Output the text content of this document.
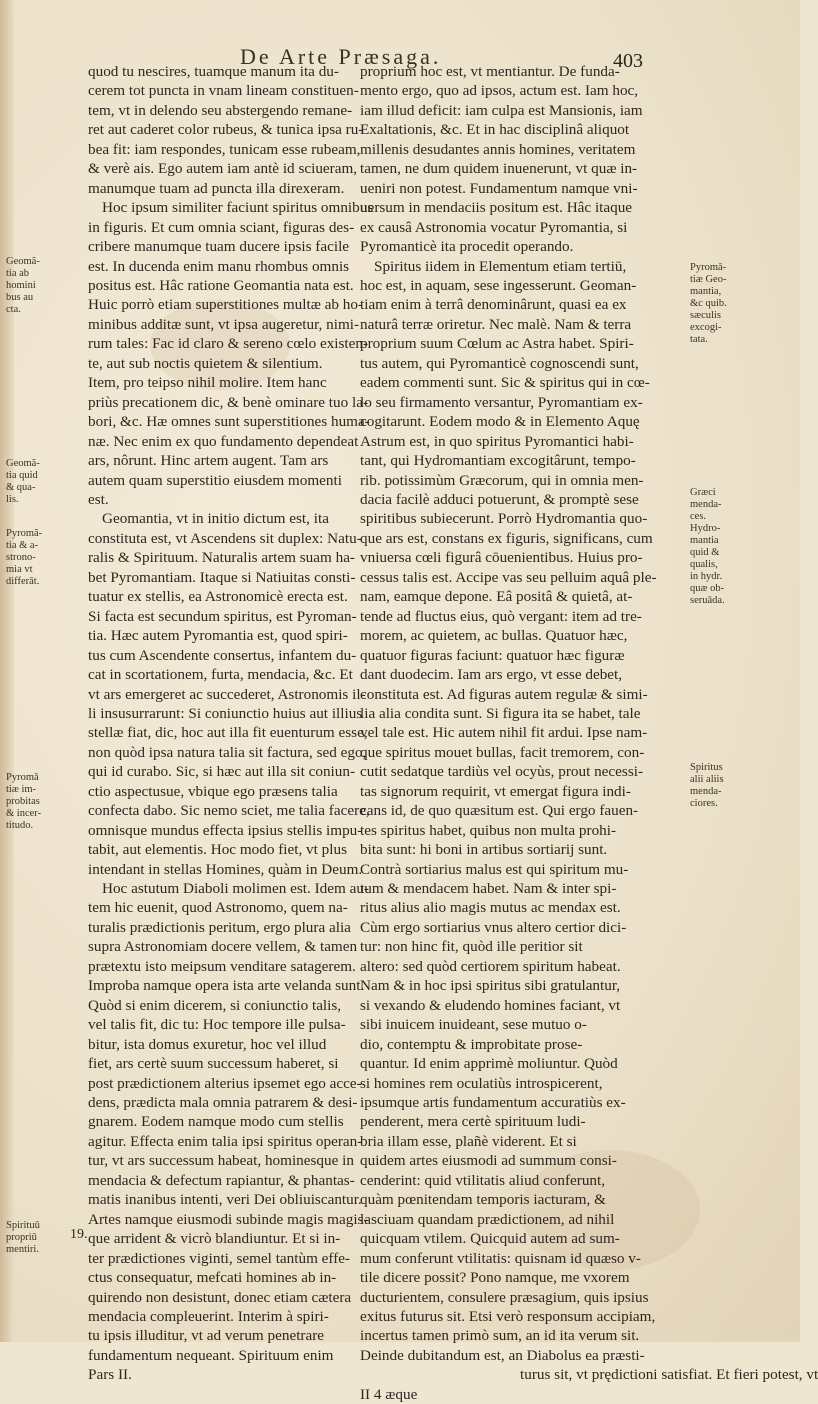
De Arte Præsaga.	403
quod tu nescires, tuamque manum ita du-
cerem tot puncta in vnam lineam constituen-
tem, vt in delendo seu abstergendo remane-
ret aut caderet color rubeus, & tunica ipsa ru-
bea fit: iam respondes, tunicam esse rubeam,
& verè ais. Ego autem iam antè id sciueram,
manumque tuam ad puncta illa direxeram.
Hoc ipsum similiter faciunt spiritus omnibus
in figuris. Et cum omnia sciant, figuras des-
cribere manumque tuam ducere ipsis facile
est. In ducenda enim manu rhombus omnis
positus est. Hâc ratione Geomantia nata est.
Huic porrò etiam superstitiones multæ ab ho-
minibus additæ sunt, vt ipsa augeretur, nimi-
rum tales: Fac id claro & sereno cœlo existen-
te, aut sub noctis quietem & silentium.
Item, pro teipso nihil molire. Item hanc
priùs precationem dic, & benè ominare tuo la-
bori, &c. Hæ omnes sunt superstitiones huma-
næ. Nec enim ex quo fundamento dependeat
ars, nôrunt. Hinc artem augent. Tam ars
autem quam superstitio eiusdem momenti
est.
Geomantia, vt in initio dictum est, ita
constituta est, vt Ascendens sit duplex: Natu-
ralis & Spirituum. Naturalis artem suam ha-
bet Pyromantiam. Itaque si Natiuitas consti-
tuatur ex stellis, ea Astronomicè erecta est.
Si facta est secundum spiritus, est Pyroman-
tia. Hæc autem Pyromantia est, quod spiri-
tus cum Ascendente consertus, infantem du-
cat in scortationem, furta, mendacia, &c. Et
vt ars emergeret ac succederet, Astronomis il-
li insusurrarunt: Si coniunctio huius aut illius
stellæ fiat, dic, hoc aut illa fit euenturum esse,
non quòd ipsa natura talia sit factura, sed ego,
qui id curabo. Sic, si hæc aut illa sit coniun-
ctio aspectusue, vbique ego præsens talia
confecta dabo. Sic nemo sciet, me talia facere,
omnisque mundus effecta ipsius stellis impu-
tabit, aut elementis. Hoc modo fiet, vt plus
intendant in stellas Homines, quàm in Deum.
Hoc astutum Diaboli molimen est. Idem au-
tem hic euenit, quod Astronomo, quem na-
turalis prædictionis peritum, ergo plura alia
supra Astronomiam docere vellem, & tamen
prætextu isto meipsum venditare satagerem.
Improba namque opera ista arte velanda sunt.
Quòd si enim dicerem, si coniunctio talis,
vel talis fit, dic tu: Hoc tempore ille pulsa-
bitur, ista domus exuretur, hoc vel illud
fiet, ars certè suum successum haberet, si
post prædictionem alterius ipsemet ego acce-
dens, prædicta mala omnia patrarem & desi-
gnarem. Eodem namque modo cum stellis
agitur. Effecta enim talia ipsi spiritus operan-
tur, vt ars successum habeat, hominesque in
mendacia & defectum rapiantur, & phantas-
matis inanibus intenti, veri Dei obliuiscantur.
Artes namque eiusmodi subinde magis magis-
que arrident & vicrò blandiuntur. Et si in-
ter prædictiones viginti, semel tantùm effe-
ctus consequatur, mefcati homines ab in-
quirendo non desistunt, donec etiam cætera
mendacia compleuerint. Interim à spiri-
tu ipsis illuditur, vt ad verum penetrare
fundamentum nequeant. Spirituum enim
Pars II.
proprium hoc est, vt mentiantur. De funda-
mento ergo, quo ad ipsos, actum est. Iam hoc,
iam illud deficit: iam culpa est Mansionis, iam
Exaltationis, &c. Et in hac disciplinâ aliquot
millenis desudantes annis homines, veritatem
tamen, ne dum quidem inuenerunt, vt quæ in-
ueniri non potest. Fundamentum namque vni-
uersum in mendaciis positum est. Hâc itaque
ex causâ Astronomia vocatur Pyromantia, si
Pyromanticè ita procedit operando.
Spiritus iidem in Elementum etiam tertiū,
hoc est, in aquam, sese ingesserunt. Geoman-
tiam enim à terrâ denominârunt, quasi ea ex
naturâ terræ oriretur. Nec malè. Nam & terra
proprium suum Cœlum ac Astra habet. Spiri-
tus autem, qui Pyromanticè cognoscendi sunt,
eadem commenti sunt. Sic & spiritus qui in cœ-
lo seu firmamento versantur, Pyromantiam ex-
cogitarunt. Eodem modo & in Elemento Aquę
Astrum est, in quo spiritus Pyromantici habi-
tant, qui Hydromantiam excogitârunt, tempo-
rib. potissimùm Græcorum, qui in omnia men-
dacia facilè adduci potuerunt, & promptè sese
spiritibus subiecerunt. Porrò Hydromantia quo-
que ars est, constans ex figuris, significans, cum
vniuersa cœli figurâ cōuenientibus. Huius pro-
cessus talis est. Accipe vas seu pelluim aquâ ple-
nam, eamque depone. Eâ positâ & quietâ, at-
tende ad fluctus eius, quò vergant: item ad tre-
morem, ac quietem, ac bullas. Quatuor hæc,
quatuor figuras faciunt: quatuor hæc figuræ
dant duodecim. Iam ars ergo, vt esse debet,
constituta est. Ad figuras autem regulæ & simi-
lia alia condita sunt. Si figura ita se habet, tale
vel tale est. Hic autem nihil fit ardui. Ipse nam-
que spiritus mouet bullas, facit tremorem, con-
cutit sedatque tardiùs vel ocyùs, prout necessi-
tas signorum requirit, vt emergat figura indi-
cans id, de quo quæsitum est. Qui ergo fauen-
tes spiritus habet, quibus non multa prohi-
bita sunt: hi boni in artibus sortiarij sunt.
Contrà sortiarius malus est qui spiritum mu-
tum & mendacem habet. Nam & inter spi-
ritus alius alio magis mutus ac mendax est.
Cùm ergo sortiarius vnus altero certior dici-
tur: non hinc fit, quòd ille peritior sit
altero: sed quòd certiorem spiritum habeat.
Nam & in hoc ipsi spiritus sibi gratulantur,
si vexando & eludendo homines faciant, vt
sibi inuicem inuideant, sese mutuo o-
dio, contemptu & improbitate prose-
quantur. Id enim apprimè moliuntur. Quòd
si homines rem oculatiùs introspicerent,
ipsumque artis fundamentum accuratiùs ex-
penderent, mera certè spirituum ludi-
bria illam esse, plañè viderent. Et si
quidem artes eiusmodi ad summum consi-
cenderint: quid vtilitatis aliud conferunt,
quàm pœnitendam temporis iacturam, &
lasciuam quandam prædictionem, ad nihil
quicquam vtilem. Quicquid autem ad sum-
mum conferunt vtilitatis: quisnam id quæso v-
tile dicere possit? Pono namque, me vxorem
ducturientem, consulere præsagium, quis ipsius
exitus futurus sit. Etsi verò responsum accipiam,
incertus tamen primò sum, an id ita verum sit.
Deinde dubitandum est, an Diabolus ea præsti-
turus sit, vt prędictioni satisfiat. Et fieri potest, vt
II 4 æque
Geomã-
tia ab
homini
bus au
cta.
Geomã-
tia quid
& qua-
lis.
Pyromã-
tia & a-
strono-
mia vt
differāt.
Pyromā
tiæ im-
probitas
& incer-
titudo.
Spirituū
propriū
mentiri.
19.
Pyromā-
tiæ Geo-
mantia,
&c quib.
sæculis
excogi-
tata.
Græci
menda-
ces.
Hydro-
mantia
quid &
qualis,
in hydr.
quæ ob-
seruāda.
Spiritus
alii aliis
menda-
ciores.
